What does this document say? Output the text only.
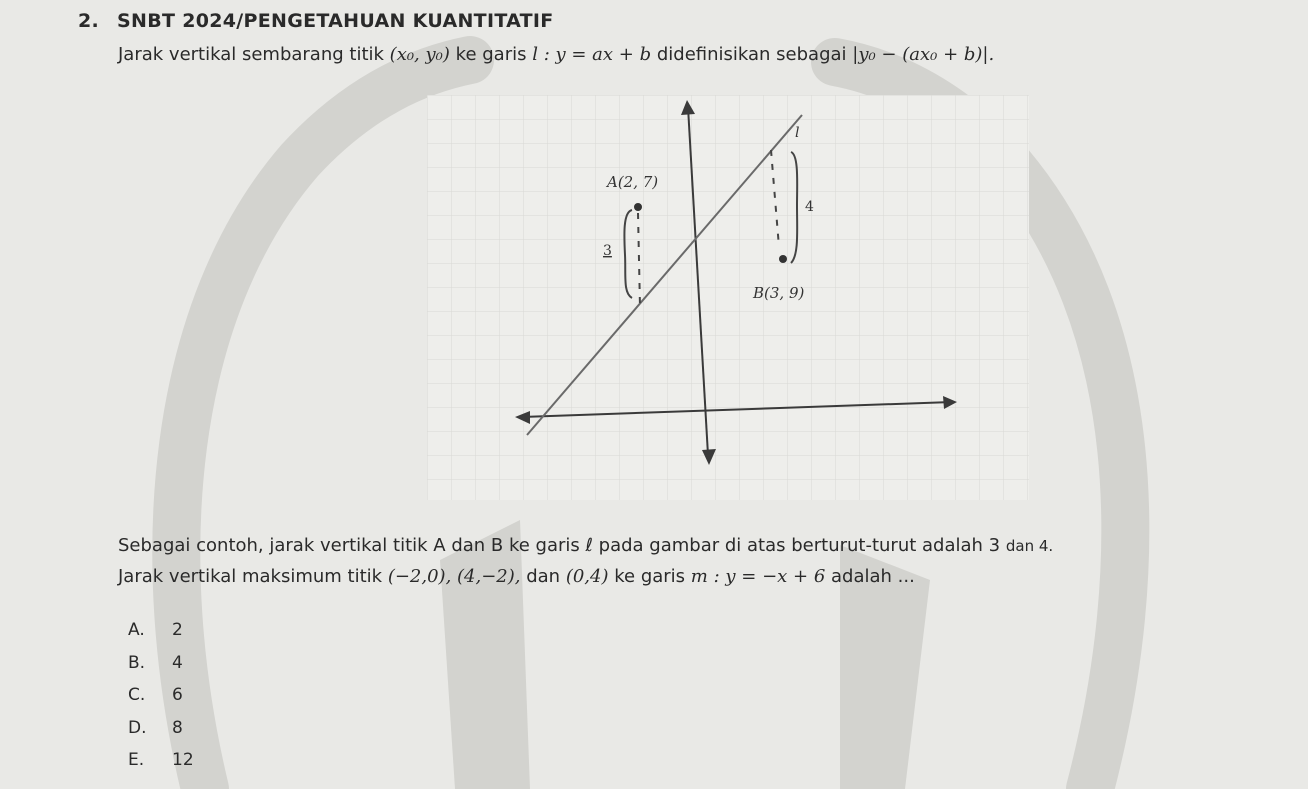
2. SNBT 2024/PENGETAHUAN KUANTITATIF
Jarak vertikal sembarang titik (x₀, y₀) ke garis l : y = ax + b didefinisikan sebagai |y₀ − (ax₀ + b)|.
l
A(2, 7)
3
4
B(3, 9)
Sebagai contoh, jarak vertikal titik A dan B ke garis ℓ pada gambar di atas berturut-turut adalah 3 dan 4.
Jarak vertikal maksimum titik (−2,0), (4,−2), dan (0,4) ke garis m : y = −x + 6 adalah ...
A. 2
B. 4
C. 6
D. 8
E. 12
